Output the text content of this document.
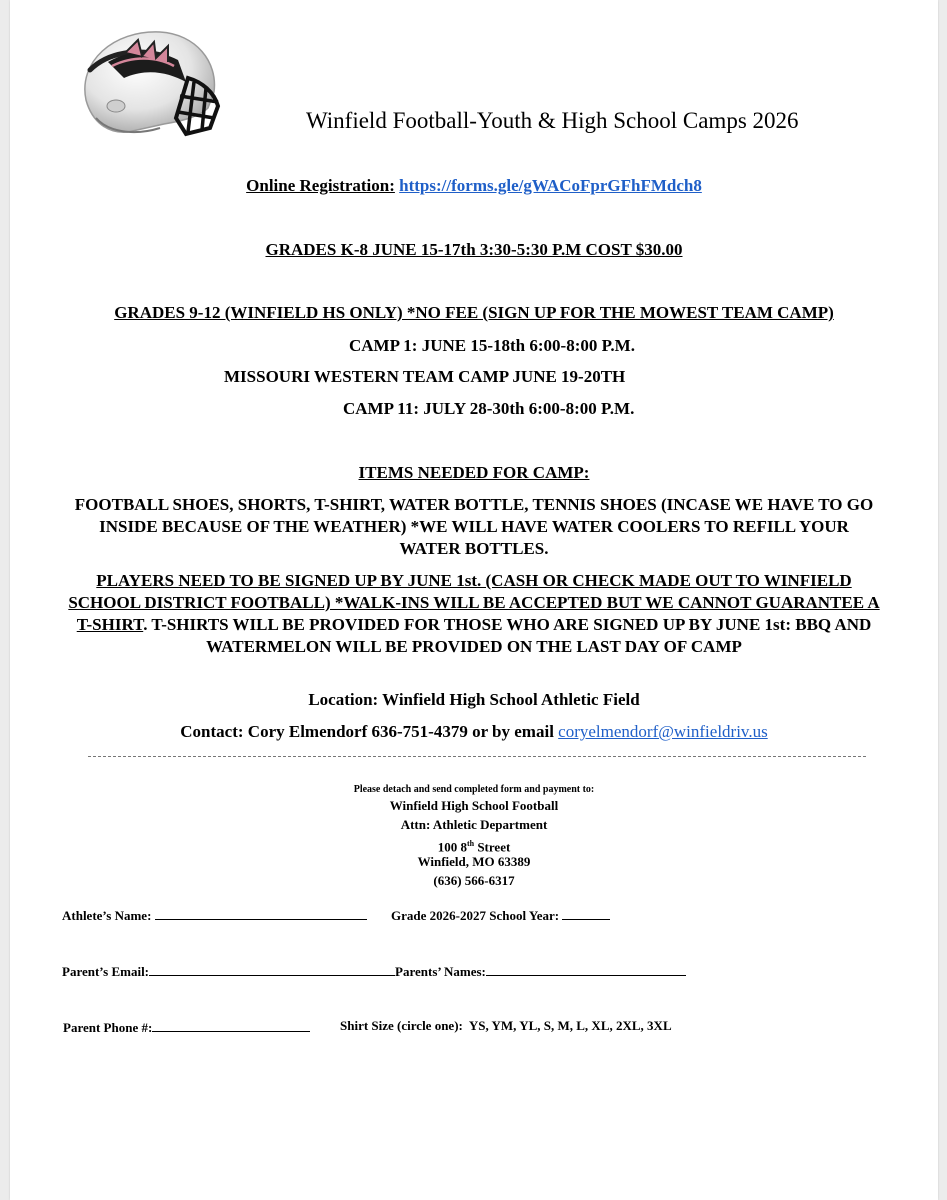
Winfield Football-Youth & High School Camps 2026
Online Registration: https://forms.gle/gWACoFprGFhFMdch8
GRADES K-8 JUNE 15-17th 3:30-5:30 P.M COST $30.00
GRADES 9-12 (WINFIELD HS ONLY) *NO FEE (SIGN UP FOR THE MOWEST TEAM CAMP)
CAMP 1: JUNE 15-18th 6:00-8:00 P.M.
MISSOURI WESTERN TEAM CAMP JUNE 19-20TH
CAMP 11: JULY 28-30th 6:00-8:00 P.M.
ITEMS NEEDED FOR CAMP:
FOOTBALL SHOES, SHORTS, T-SHIRT, WATER BOTTLE, TENNIS SHOES (INCASE WE HAVE TO GO INSIDE BECAUSE OF THE WEATHER) *WE WILL HAVE WATER COOLERS TO REFILL YOUR WATER BOTTLES.
PLAYERS NEED TO BE SIGNED UP BY JUNE 1st. (CASH OR CHECK MADE OUT TO WINFIELD SCHOOL DISTRICT FOOTBALL) *WALK-INS WILL BE ACCEPTED BUT WE CANNOT GUARANTEE A T-SHIRT. T-SHIRTS WILL BE PROVIDED FOR THOSE WHO ARE SIGNED UP BY JUNE 1st: BBQ AND WATERMELON WILL BE PROVIDED ON THE LAST DAY OF CAMP
Location: Winfield High School Athletic Field
Contact: Cory Elmendorf 636-751-4379 or by email coryelmendorf@winfieldriv.us
Please detach and send completed form and payment to:
Winfield High School Football
Attn: Athletic Department
100 8th Street
Winfield, MO 63389
(636) 566-6317
Athlete’s Name:	Grade 2026-2027 School Year:
Parent’s Email:	Parents’ Names:
Parent Phone #:	Shirt Size (circle one): YS, YM, YL, S, M, L, XL, 2XL, 3XL
